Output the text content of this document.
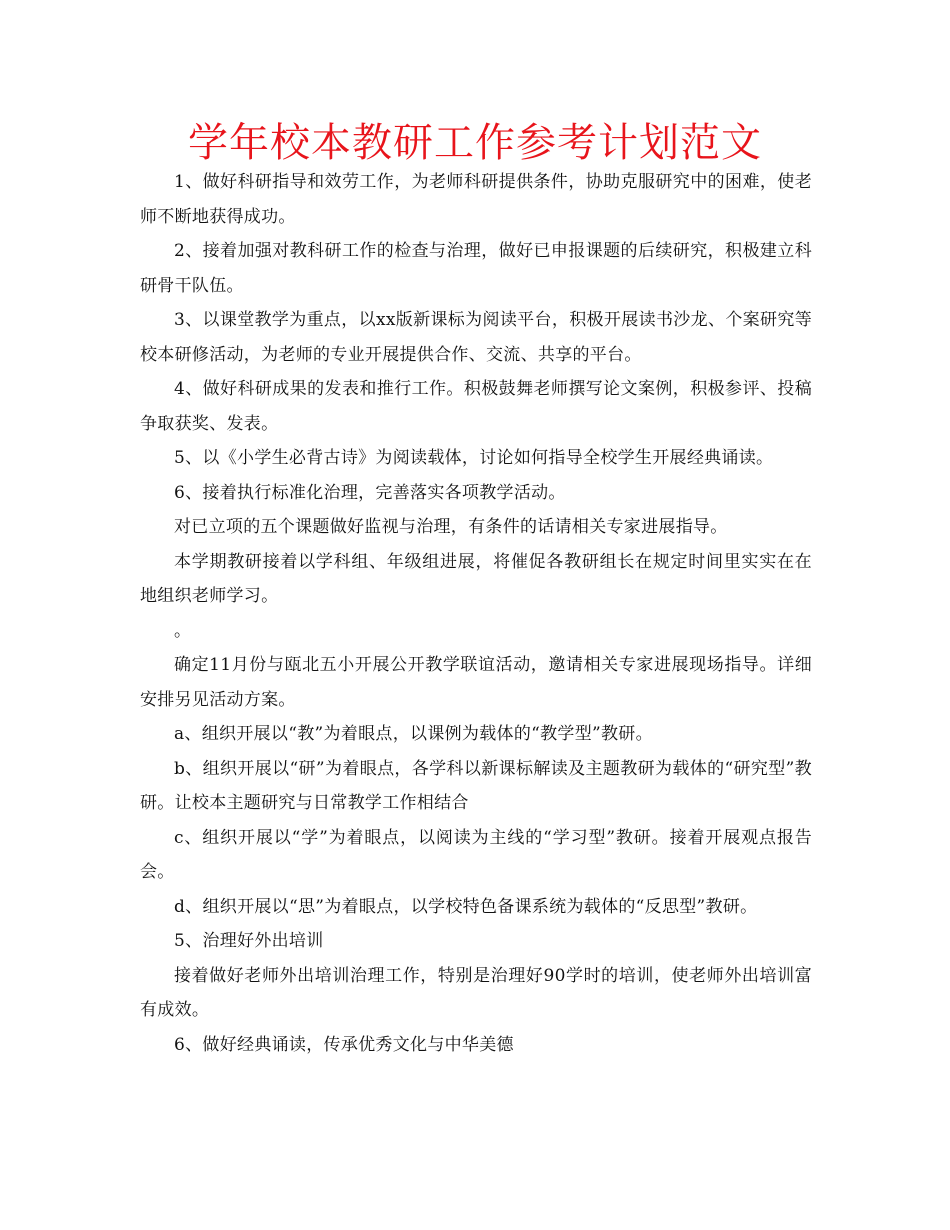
学年校本教研工作参考计划范文

1、做好科研指导和效劳工作，为老师科研提供条件，协助克服研究中的困难，使老师不断地获得成功。

2、接着加强对教科研工作的检查与治理，做好已申报课题的后续研究，积极建立科研骨干队伍。

3、以课堂教学为重点，以xx版新课标为阅读平台，积极开展读书沙龙、个案研究等校本研修活动，为老师的专业开展提供合作、交流、共享的平台。

4、做好科研成果的发表和推行工作。积极鼓舞老师撰写论文案例，积极参评、投稿争取获奖、发表。

5、以《小学生必背古诗》为阅读载体，讨论如何指导全校学生开展经典诵读。

6、接着执行标准化治理，完善落实各项教学活动。

对已立项的五个课题做好监视与治理，有条件的话请相关专家进展指导。

本学期教研接着以学科组、年级组进展，将催促各教研组长在规定时间里实实在在地组织老师学习。

。

确定11月份与瓯北五小开展公开教学联谊活动，邀请相关专家进展现场指导。详细安排另见活动方案。

a、组织开展以“教”为着眼点，以课例为载体的“教学型”教研。

b、组织开展以“研”为着眼点，各学科以新课标解读及主题教研为载体的“研究型”教研。让校本主题研究与日常教学工作相结合

c、组织开展以“学”为着眼点，以阅读为主线的“学习型”教研。接着开展观点报告会。

d、组织开展以“思”为着眼点，以学校特色备课系统为载体的“反思型”教研。

5、治理好外出培训

接着做好老师外出培训治理工作，特别是治理好90学时的培训，使老师外出培训富有成效。

6、做好经典诵读，传承优秀文化与中华美德
